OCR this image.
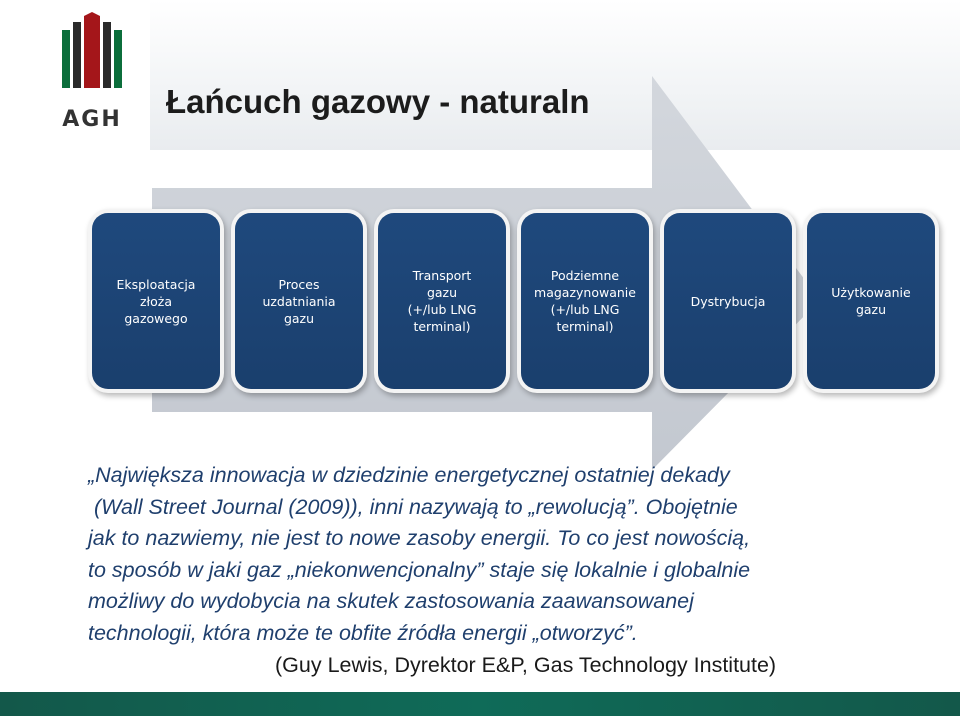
AGH Łańcuch gazowy - naturaln
Eksploatacja
złoża
gazowego
Proces
uzdatniania
gazu
Transport
gazu
(+/lub LNG
terminal)
Podziemne
magazynowanie
(+/lub LNG
terminal)
Dystrybucja
Użytkowanie
gazu

„Największa innowacja w dziedzinie energetycznej ostatniej dekady

(Wall Street Journal (2009)), inni nazywają to „rewolucją”. Obojętnie

jak to nazwiemy, nie jest to nowe zasoby energii. To co jest nowością,

to sposób w jaki gaz „niekonwencjonalny” staje się lokalnie i globalnie

możliwy do wydobycia na skutek zastosowania zaawansowanej

technologii, która może te obfite źródła energii „otworzyć”.

(Guy Lewis, Dyrektor E&P, Gas Technology Institute)
